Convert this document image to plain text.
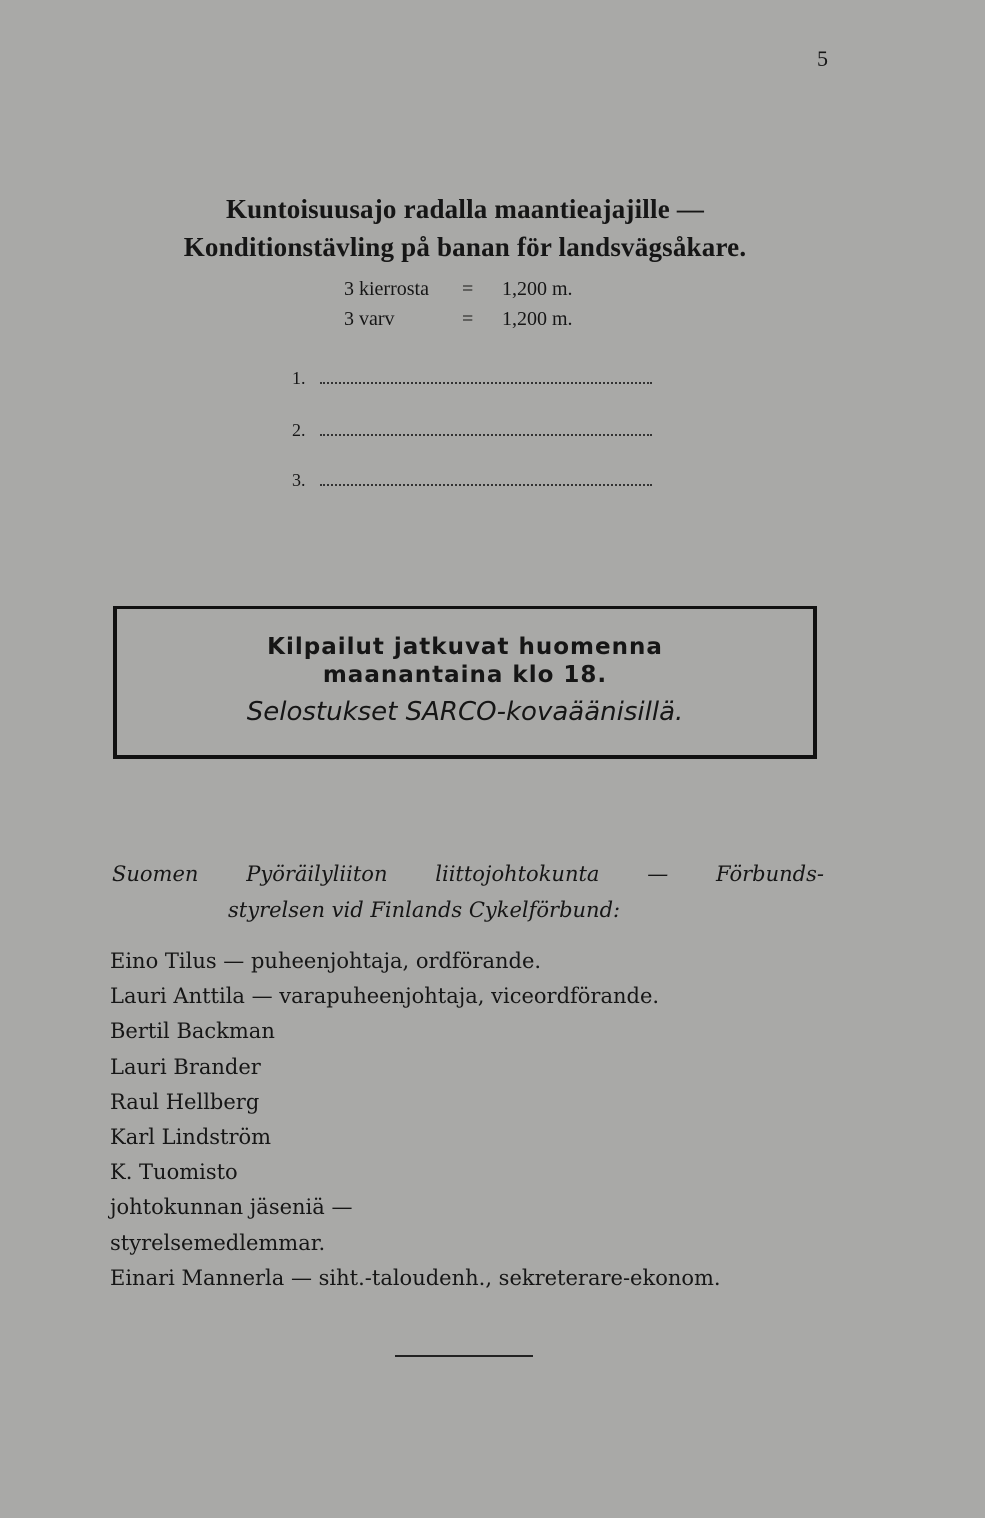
5
Kuntoisuusajo radalla maantieajajille —
Konditionstävling på banan för landsvägsåkare.
3 kierrosta	=	1,200 m.
3 varv	=	1,200 m.
1.
2.
3.
Kilpailut jatkuvat huomenna
maanantaina klo 18.
Selostukset SARCO-kovaäänisillä.
Suomen Pyöräilyliiton liittojohtokunta — Förbunds-
styrelsen vid Finlands Cykelförbund:
Eino Tilus — puheenjohtaja, ordförande.
Lauri Anttila — varapuheenjohtaja, viceordförande.
Bertil Backman
Lauri Brander
Raul Hellberg
Karl Lindström
K. Tuomisto
johtokunnan jäseniä —
styrelsemedlemmar.
Einari Mannerla — siht.-taloudenh., sekreterare-ekonom.
